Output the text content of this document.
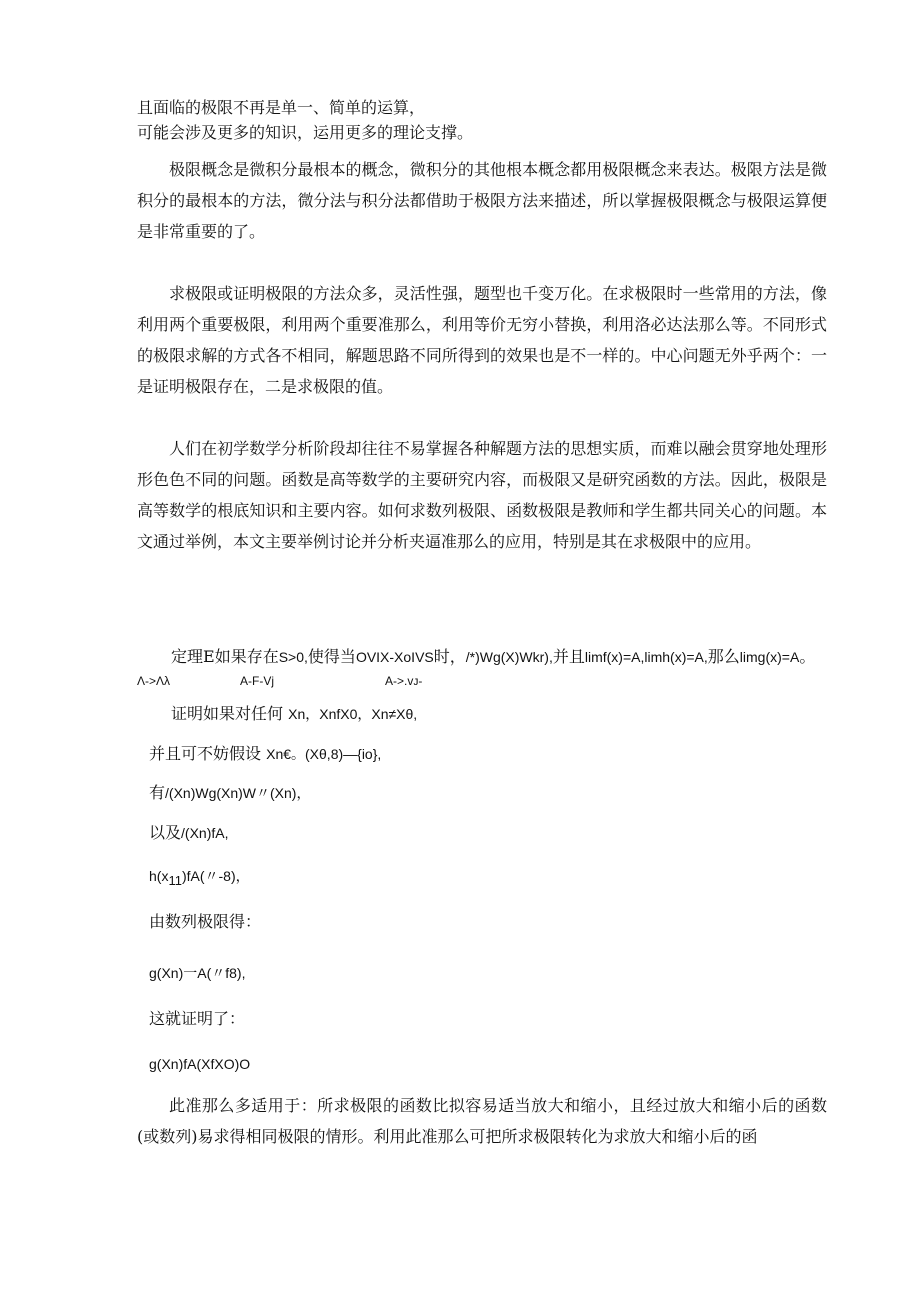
且面临的极限不再是单一、简单的运算，
可能会涉及更多的知识，运用更多的理论支撑。

极限概念是微积分最根本的概念，微积分的其他根本概念都用极限概念来表达。极限方法是微积分的最根本的方法，微分法与积分法都借助于极限方法来描述，所以掌握极限概念与极限运算便是非常重要的了。

求极限或证明极限的方法众多，灵活性强，题型也千变万化。在求极限时一些常用的方法，像利用两个重要极限，利用两个重要准那么，利用等价无穷小替换，利用洛必达法那么等。不同形式的极限求解的方式各不相同，解题思路不同所得到的效果也是不一样的。中心问题无外乎两个：一是证明极限存在，二是求极限的值。

人们在初学数学分析阶段却往往不易掌握各种解题方法的思想实质，而难以融会贯穿地处理形形色色不同的问题。函数是高等数学的主要研究内容，而极限又是研究函数的方法。因此，极限是高等数学的根底知识和主要内容。如何求数列极限、函数极限是教师和学生都共同关心的问题。本文通过举例，本文主要举例讨论并分析夹逼准那么的应用，特别是其在求极限中的应用。

定理E如果存在S>0,使得当OVIX-XoIVS时，/*)Wg(X)Wkr),并且limf(x)=A,limh(x)=A,那么limg(x)=A。
Λ->Λλ	A-F-Vj	A->.vᴊ-
证明如果对任何 Xn，XnfX0，Xn≠Xθ,
并且可不妨假设 Xn€。(Xθ,8)—{io},
有/(Xn)Wg(Xn)W〃(Xn)，
以及/(Xn)fA,
$h(x_{11})fA$(〃-8)，
由数列极限得：
g(Xn)一A(〃f8),
这就证明了：
g(Xn)fA(XfXO)O

此准那么多适用于：所求极限的函数比拟容易适当放大和缩小，且经过放大和缩小后的函数(或数列)易求得相同极限的情形。利用此准那么可把所求极限转化为求放大和缩小后的函
